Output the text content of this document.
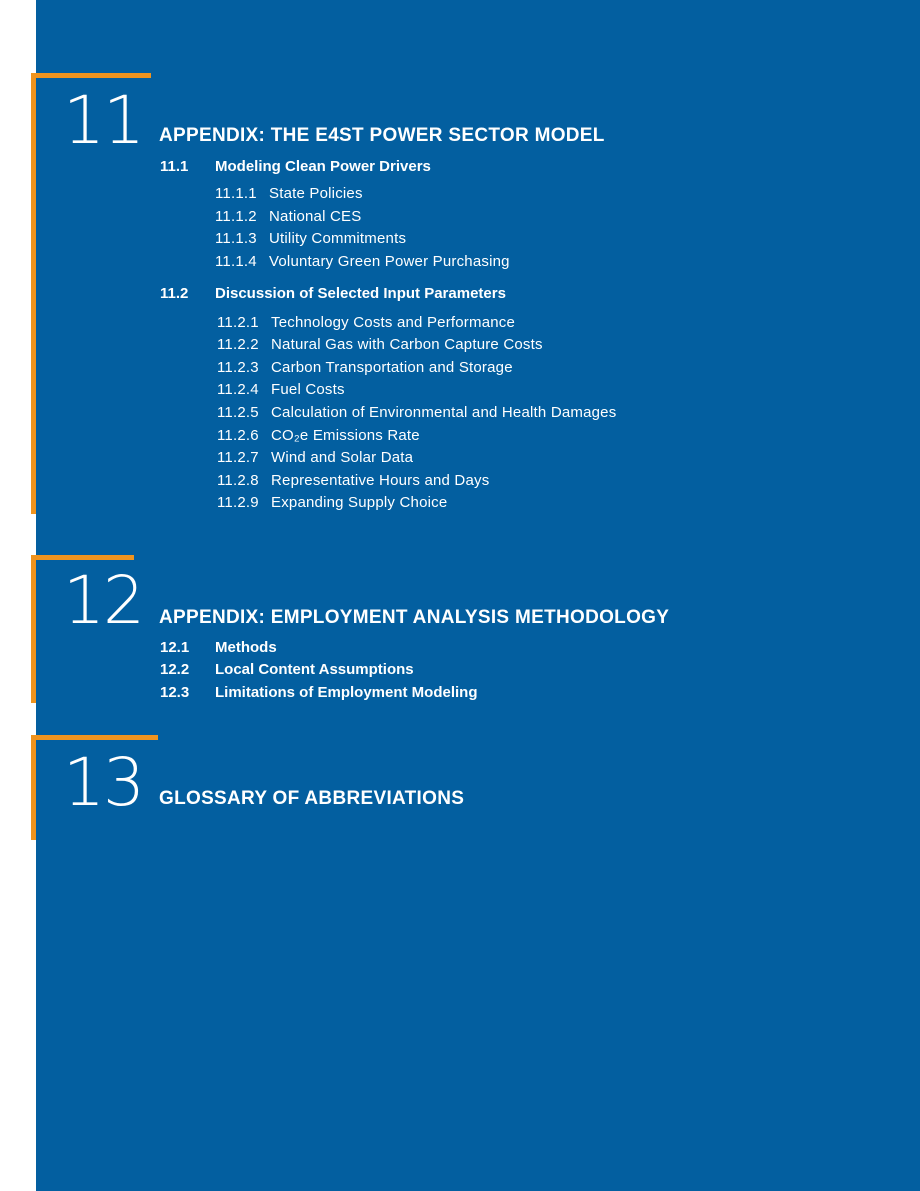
11 APPENDIX: THE E4ST POWER SECTOR MODEL
11.1 Modeling Clean Power Drivers
11.1.1 State Policies
11.1.2 National CES
11.1.3 Utility Commitments
11.1.4 Voluntary Green Power Purchasing
11.2 Discussion of Selected Input Parameters
11.2.1 Technology Costs and Performance
11.2.2 Natural Gas with Carbon Capture Costs
11.2.3 Carbon Transportation and Storage
11.2.4 Fuel Costs
11.2.5 Calculation of Environmental and Health Damages
11.2.6 CO₂e Emissions Rate
11.2.7 Wind and Solar Data
11.2.8 Representative Hours and Days
11.2.9 Expanding Supply Choice
12 APPENDIX: EMPLOYMENT ANALYSIS METHODOLOGY
12.1 Methods
12.2 Local Content Assumptions
12.3 Limitations of Employment Modeling
13 GLOSSARY OF ABBREVIATIONS
